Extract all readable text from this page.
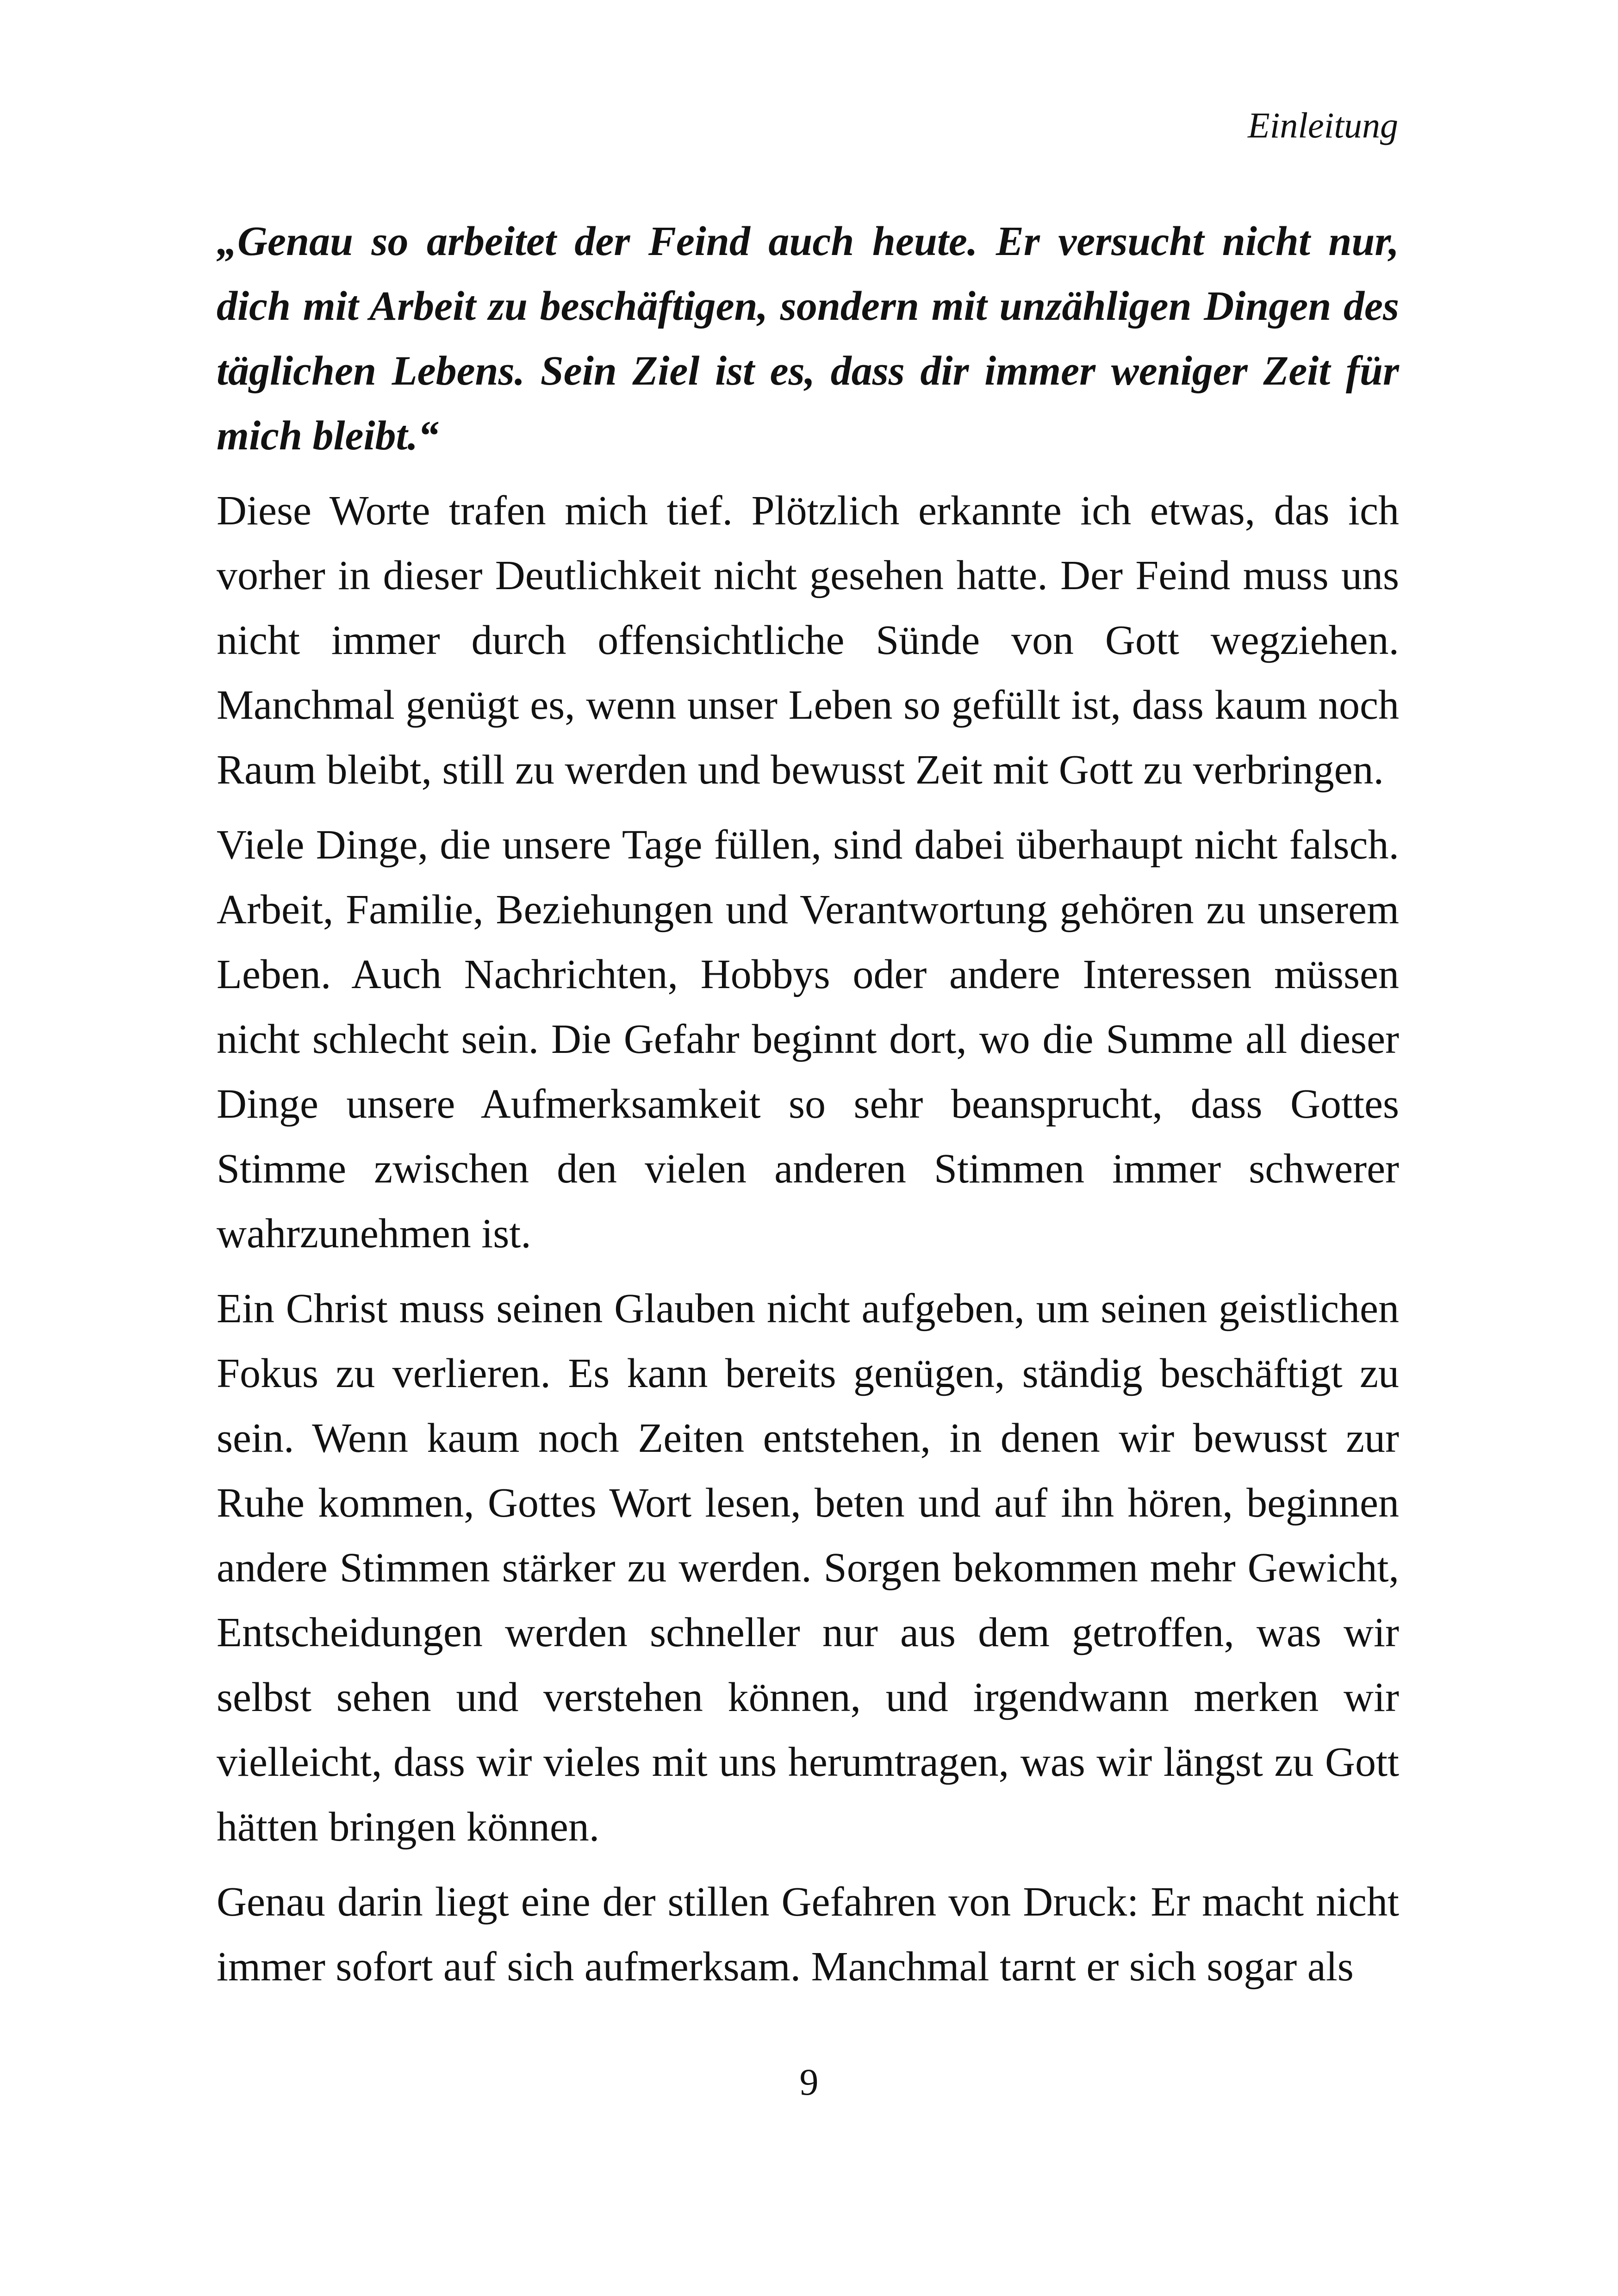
Einleitung

„Genau so arbeitet der Feind auch heute. Er versucht nicht nur, dich mit Arbeit zu beschäftigen, sondern mit unzähligen Dingen des täglichen Lebens. Sein Ziel ist es, dass dir immer weniger Zeit für mich bleibt.“

Diese Worte trafen mich tief. Plötzlich erkannte ich etwas, das ich vorher in dieser Deutlichkeit nicht gesehen hatte. Der Feind muss uns nicht immer durch offensichtliche Sünde von Gott wegziehen. Manchmal genügt es, wenn unser Leben so gefüllt ist, dass kaum noch Raum bleibt, still zu werden und bewusst Zeit mit Gott zu verbringen.

Viele Dinge, die unsere Tage füllen, sind dabei überhaupt nicht falsch. Arbeit, Familie, Beziehungen und Verantwortung gehören zu unserem Leben. Auch Nachrichten, Hobbys oder andere Interessen müssen nicht schlecht sein. Die Gefahr beginnt dort, wo die Summe all dieser Dinge unsere Aufmerksamkeit so sehr beansprucht, dass Gottes Stimme zwischen den vielen anderen Stimmen immer schwerer wahrzunehmen ist.

Ein Christ muss seinen Glauben nicht aufgeben, um seinen geistlichen Fokus zu verlieren. Es kann bereits genügen, ständig beschäftigt zu sein. Wenn kaum noch Zeiten entstehen, in denen wir bewusst zur Ruhe kommen, Gottes Wort lesen, beten und auf ihn hören, beginnen andere Stimmen stärker zu werden. Sorgen bekommen mehr Gewicht, Entscheidungen werden schneller nur aus dem getroffen, was wir selbst sehen und verstehen können, und irgendwann merken wir vielleicht, dass wir vieles mit uns herumtragen, was wir längst zu Gott hätten bringen können.

Genau darin liegt eine der stillen Gefahren von Druck: Er macht nicht immer sofort auf sich aufmerksam. Manchmal tarnt er sich sogar als

9
